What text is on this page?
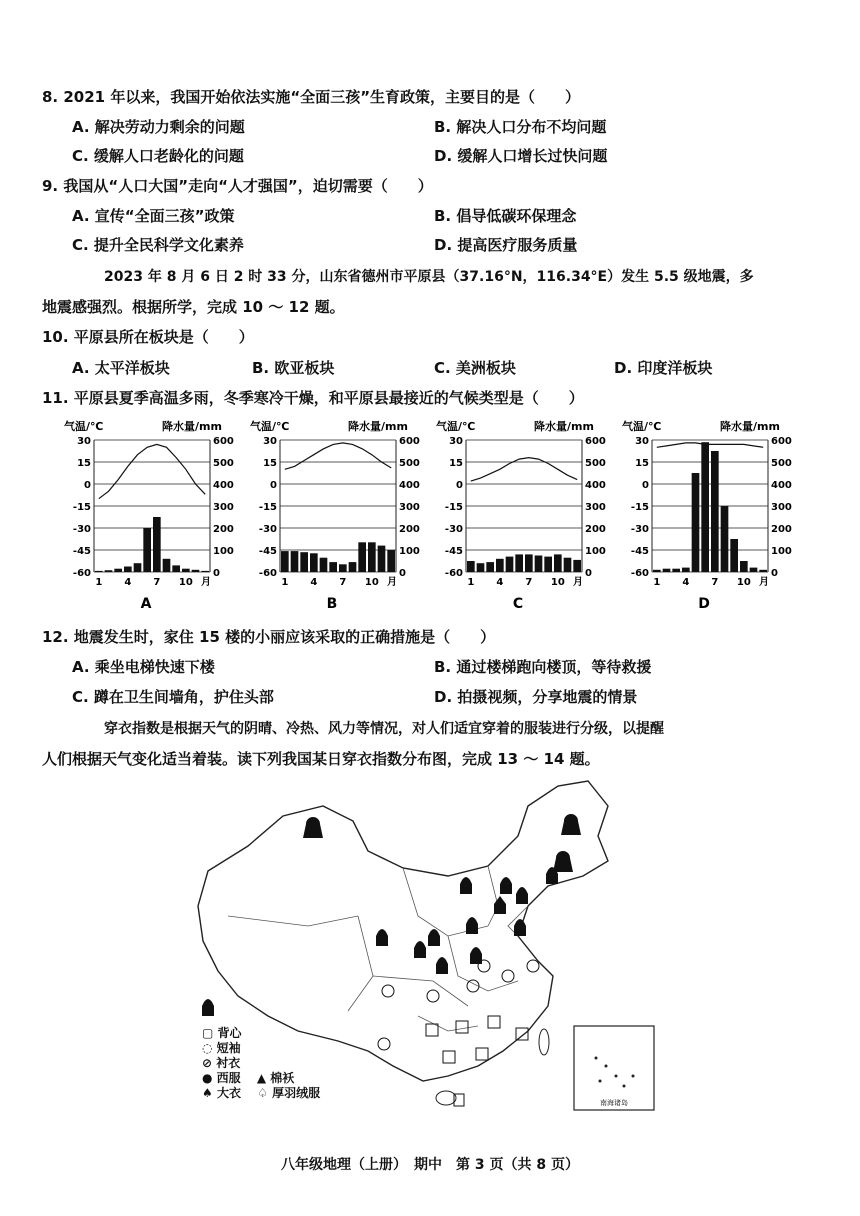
8. 2021 年以来，我国开始依法实施“全面三孩”生育政策，主要目的是（　　）
A. 解决劳动力剩余的问题	B. 解决人口分布不均问题
C. 缓解人口老龄化的问题	D. 缓解人口增长过快问题
9. 我国从“人口大国”走向“人才强国”，迫切需要（　　）
A. 宣传“全面三孩”政策	B. 倡导低碳环保理念
C. 提升全民科学文化素养	D. 提高医疗服务质量
2023 年 8 月 6 日 2 时 33 分，山东省德州市平原县（37.16°N，116.34°E）发生 5.5 级地震，多
地震感强烈。根据所学，完成 10 ～ 12 题。
10. 平原县所在板块是（　　）
A. 太平洋板块	B. 欧亚板块	C. 美洲板块	D. 印度洋板块
11. 平原县夏季高温多雨，冬季寒冷干燥，和平原县最接近的气候类型是（　　）
气温/℃	降水量/mm
30	600
15	500
0	400
-15	300
-30	200
-45	100
-60	0
1 4 7 10 月
A
气温/℃	降水量/mm
30	600
15	500
0	400
-15	300
-30	200
-45	100
-60	0
1 4 7 10 月
B
气温/℃	降水量/mm
30	600
15	500
0	400
-15	300
-30	200
-45	100
-60	0
1 4 7 10 月
C
气温/℃	降水量/mm
30	600
15	500
0	400
-15	300
-30	200
-45	100
-60	0
1 4 7 10 月
D
12. 地震发生时，家住 15 楼的小丽应该采取的正确措施是（　　）
A. 乘坐电梯快速下楼	B. 通过楼梯跑向楼顶，等待救援
C. 蹲在卫生间墙角，护住头部	D. 拍摄视频，分享地震的情景
穿衣指数是根据天气的阴晴、冷热、风力等情况，对人们适宜穿着的服装进行分级，以提醒
人们根据天气变化适当着装。读下列我国某日穿衣指数分布图，完成 13 ～ 14 题。
南海诸岛
▢ 背心
◌ 短袖
⊘ 衬衣
● 西服 ▲ 棉袄
♠ 大衣 ♤ 厚羽绒服
八年级地理（上册）　期中　第 3 页（共 8 页）
